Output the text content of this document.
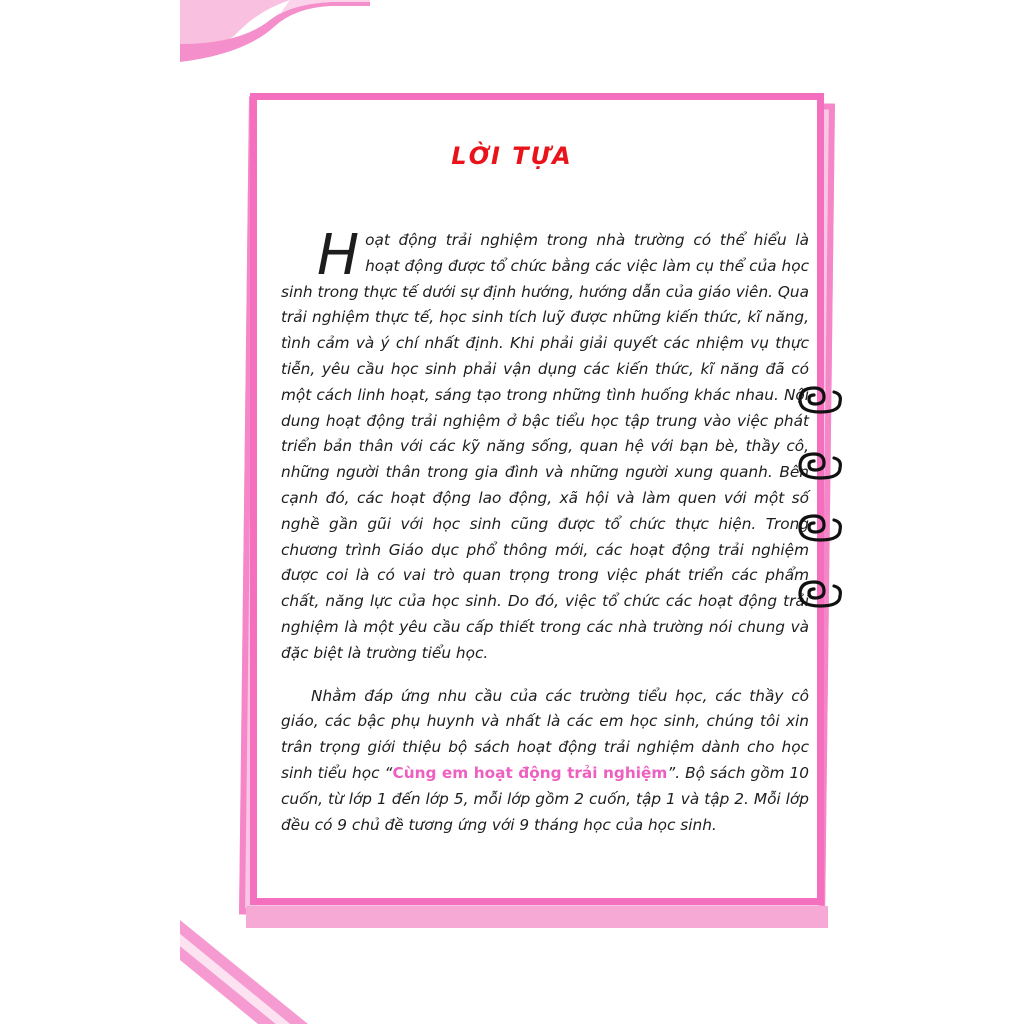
LỜI TỰA

Hoạt động trải nghiệm trong nhà trường có thể hiểu là hoạt động được tổ chức bằng các việc làm cụ thể của học sinh trong thực tế dưới sự định hướng, hướng dẫn của giáo viên. Qua trải nghiệm thực tế, học sinh tích luỹ được những kiến thức, kĩ năng, tình cảm và ý chí nhất định. Khi phải giải quyết các nhiệm vụ thực tiễn, yêu cầu học sinh phải vận dụng các kiến thức, kĩ năng đã có một cách linh hoạt, sáng tạo trong những tình huống khác nhau. Nội dung hoạt động trải nghiệm ở bậc tiểu học tập trung vào việc phát triển bản thân với các kỹ năng sống, quan hệ với bạn bè, thầy cô, những người thân trong gia đình và những người xung quanh. Bên cạnh đó, các hoạt động lao động, xã hội và làm quen với một số nghề gần gũi với học sinh cũng được tổ chức thực hiện. Trong chương trình Giáo dục phổ thông mới, các hoạt động trải nghiệm được coi là có vai trò quan trọng trong việc phát triển các phẩm chất, năng lực của học sinh. Do đó, việc tổ chức các hoạt động trải nghiệm là một yêu cầu cấp thiết trong các nhà trường nói chung và đặc biệt là trường tiểu học.

Nhằm đáp ứng nhu cầu của các trường tiểu học, các thầy cô giáo, các bậc phụ huynh và nhất là các em học sinh, chúng tôi xin trân trọng giới thiệu bộ sách hoạt động trải nghiệm dành cho học sinh tiểu học “Cùng em hoạt động trải nghiệm”. Bộ sách gồm 10 cuốn, từ lớp 1 đến lớp 5, mỗi lớp gồm 2 cuốn, tập 1 và tập 2. Mỗi lớp đều có 9 chủ đề tương ứng với 9 tháng học của học sinh.
